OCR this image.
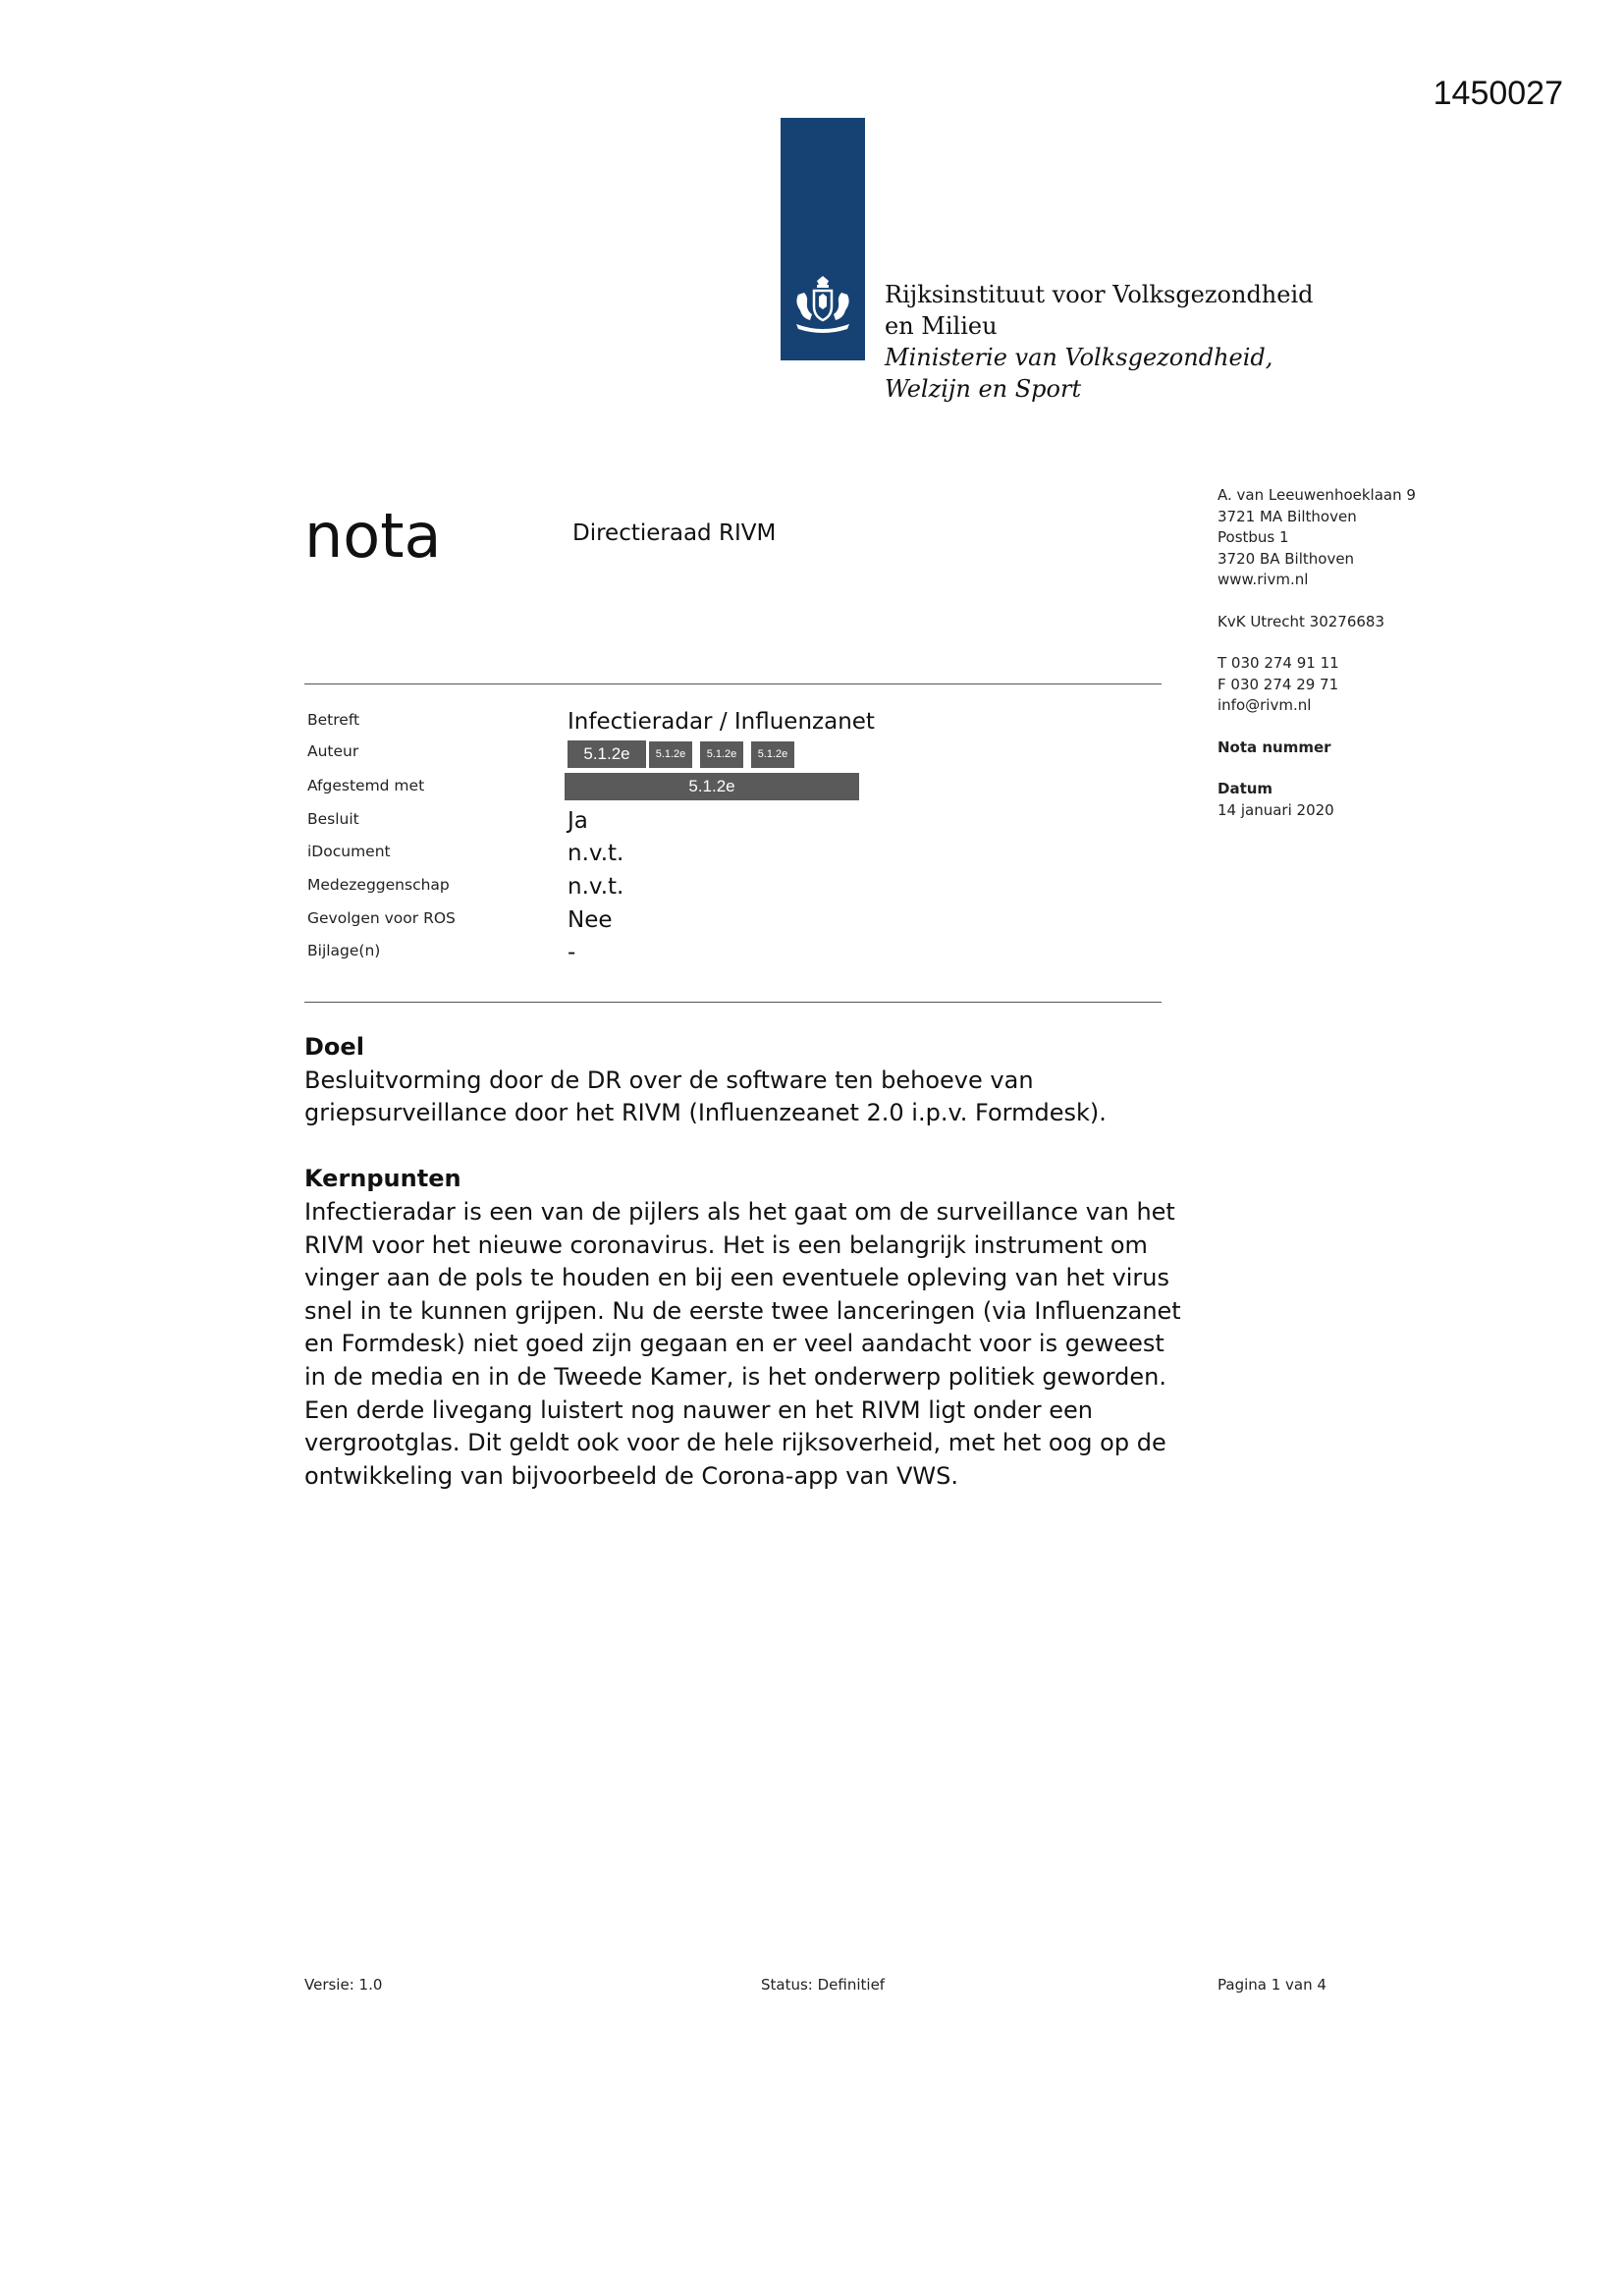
1450027
Rijksinstituut voor Volksgezondheid
en Milieu
Ministerie van Volksgezondheid,
Welzijn en Sport
nota	Directieraad RIVM
A. van Leeuwenhoeklaan 9
3721 MA Bilthoven
Postbus 1
3720 BA Bilthoven
www.rivm.nl
KvK Utrecht 30276683
T 030 274 91 11
F 030 274 29 71
info@rivm.nl
Nota nummer
Datum
14 januari 2020
Betreft	Infectieradar / Influenzanet
Auteur	5.1.2e	5.1.2e	5.1.2e	5.1.2e
Afgestemd met	5.1.2e
Besluit	Ja
iDocument	n.v.t.
Medezeggenschap	n.v.t.
Gevolgen voor ROS	Nee
Bijlage(n)	-
Doel

Besluitvorming door de DR over de software ten behoeve van

griepsurveillance door het RIVM (Influenzeanet 2.0 i.p.v. Formdesk).

Kernpunten

Infectieradar is een van de pijlers als het gaat om de surveillance van het

RIVM voor het nieuwe coronavirus. Het is een belangrijk instrument om

vinger aan de pols te houden en bij een eventuele opleving van het virus

snel in te kunnen grijpen. Nu de eerste twee lanceringen (via Influenzanet

en Formdesk) niet goed zijn gegaan en er veel aandacht voor is geweest

in de media en in de Tweede Kamer, is het onderwerp politiek geworden.

Een derde livegang luistert nog nauwer en het RIVM ligt onder een

vergrootglas. Dit geldt ook voor de hele rijksoverheid, met het oog op de

ontwikkeling van bijvoorbeeld de Corona-app van VWS.

Versie: 1.0	Status: Definitief	Pagina 1 van 4
